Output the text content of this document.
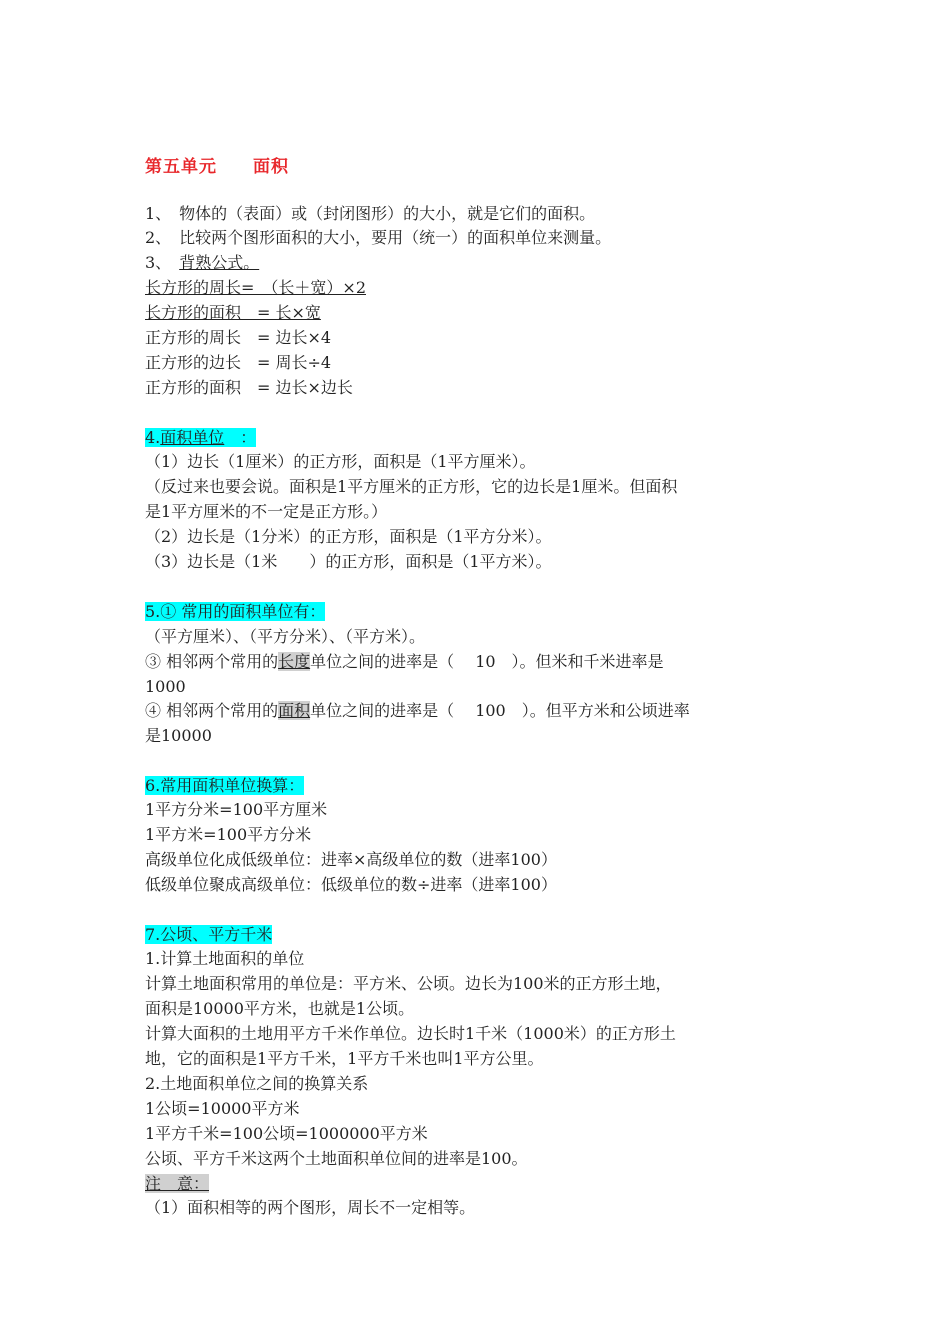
第五单元　　面积
1、　物体的（表面）或（封闭图形）的大小，就是它们的面积。
2、　比较两个图形面积的大小，要用（统一）的面积单位来测量。
3、　背熟公式。
长方形的周长=　（长＋宽）×2
长方形的面积　= 长×宽
正方形的周长　= 边长×4
正方形的边长　= 周长÷4
正方形的面积　= 边长×边长
4.面积单位　：
（1）边长（1厘米）的正方形，面积是（1平方厘米）。
（反过来也要会说。面积是1平方厘米的正方形，它的边长是1厘米。但面积
是1平方厘米的不一定是正方形。）
（2）边长是（1分米）的正方形，面积是（1平方分米）。
（3）边长是（1米　　）的正方形，面积是（1平方米）。
5.① 常用的面积单位有：
（平方厘米）、（平方分米）、（平方米）。
③ 相邻两个常用的长度单位之间的进率是（　 10　）。但米和千米进率是
1000
④ 相邻两个常用的面积单位之间的进率是（　 100　）。但平方米和公顷进率
是10000
6.常用面积单位换算：
1平方分米=100平方厘米
1平方米=100平方分米
高级单位化成低级单位：进率×高级单位的数（进率100）
低级单位聚成高级单位：低级单位的数÷进率（进率100）
7.公顷、平方千米
1.计算土地面积的单位
计算土地面积常用的单位是：平方米、公顷。边长为100米的正方形土地，
面积是10000平方米，也就是1公顷。
计算大面积的土地用平方千米作单位。边长时1千米（1000米）的正方形土
地，它的面积是1平方千米，1平方千米也叫1平方公里。
2.土地面积单位之间的换算关系
1公顷=10000平方米
1平方千米=100公顷=1000000平方米
公顷、平方千米这两个土地面积单位间的进率是100。
注　意：
（1）面积相等的两个图形，周长不一定相等。
